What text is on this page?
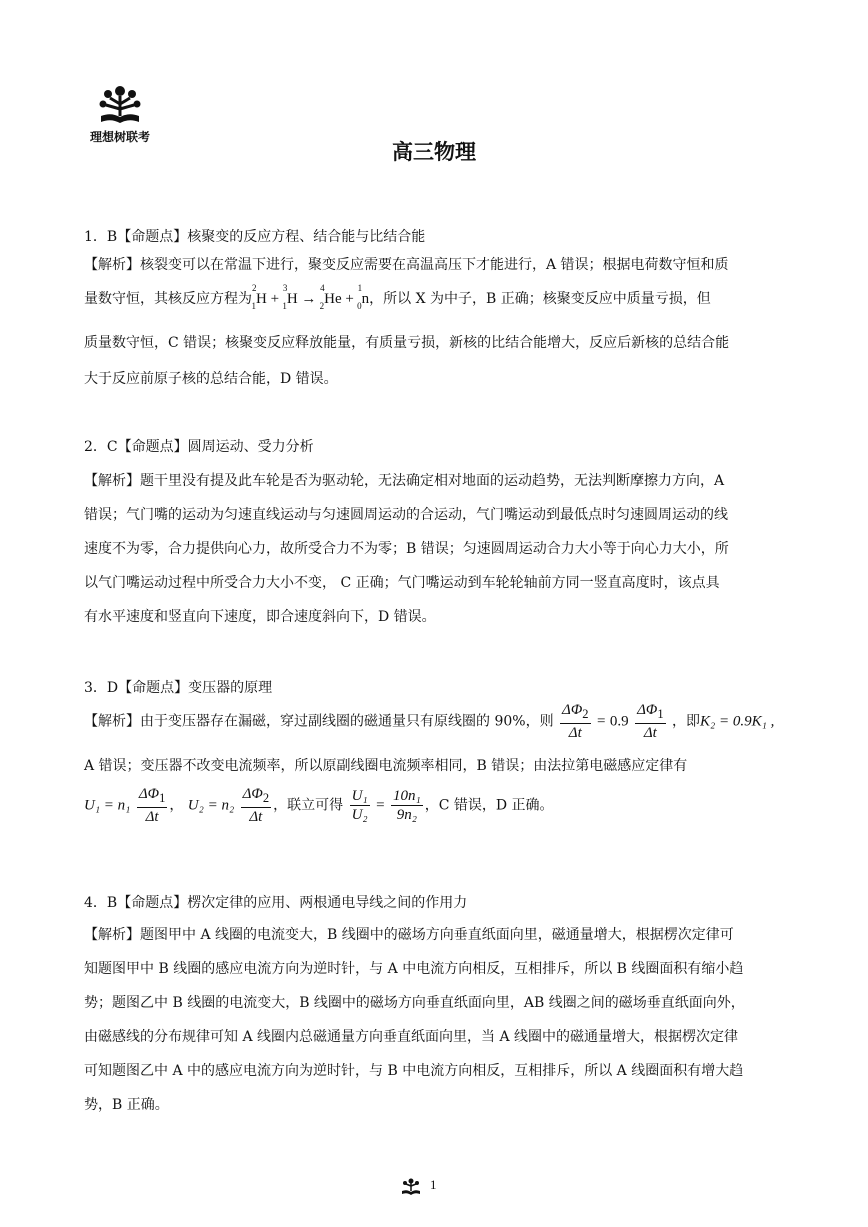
理想树联考
高三物理
1．B【命题点】核聚变的反应方程、结合能与比结合能
【解析】核裂变可以在常温下进行，聚变反应需要在高温高压下才能进行，A 错误；根据电荷数守恒和质
量数守恒，其核反应方程为$^2_1$H + $^3_1$H → $^4_2$He + $^1_0$n，所以 X 为中子，B 正确；核聚变反应中质量亏损，但
质量数守恒，C 错误；核聚变反应释放能量，有质量亏损，新核的比结合能增大，反应后新核的总结合能
大于反应前原子核的总结合能，D 错误。
2．C【命题点】圆周运动、受力分析
【解析】题干里没有提及此车轮是否为驱动轮，无法确定相对地面的运动趋势，无法判断摩擦力方向，A
错误；气门嘴的运动为匀速直线运动与匀速圆周运动的合运动，气门嘴运动到最低点时匀速圆周运动的线
速度不为零，合力提供向心力，故所受合力不为零；B 错误；匀速圆周运动合力大小等于向心力大小，所
以气门嘴运动过程中所受合力大小不变， C 正确；气门嘴运动到车轮轮轴前方同一竖直高度时，该点具
有水平速度和竖直向下速度，即合速度斜向下，D 错误。
3．D【命题点】变压器的原理
【解析】由于变压器存在漏磁，穿过副线圈的磁通量只有原线圈的 90%，则 $\frac{\Delta\Phi_2}{\Delta t} = 0.9 \frac{\Delta\Phi_1}{\Delta t}$ ，即K₂ = 0.9K₁ ,
A 错误；变压器不改变电流频率，所以原副线圈电流频率相同，B 错误；由法拉第电磁感应定律有
$U_1 = n_1 \frac{\Delta\Phi_1}{\Delta t}$ ， $U_2 = n_2 \frac{\Delta\Phi_2}{\Delta t}$ ，联立可得 $\frac{\text{U₁}}{\text{U₂}} = \frac{\text{10n₁}}{\text{9n₂}}$ ，C 错误，D 正确。
4．B【命题点】楞次定律的应用、两根通电导线之间的作用力
【解析】题图甲中 A 线圈的电流变大，B 线圈中的磁场方向垂直纸面向里，磁通量增大，根据楞次定律可
知题图甲中 B 线圈的感应电流方向为逆时针，与 A 中电流方向相反，互相排斥，所以 B 线圈面积有缩小趋
势；题图乙中 B 线圈的电流变大，B 线圈中的磁场方向垂直纸面向里，AB 线圈之间的磁场垂直纸面向外，
由磁感线的分布规律可知 A 线圈内总磁通量方向垂直纸面向里，当 A 线圈中的磁通量增大，根据楞次定律
可知题图乙中 A 中的感应电流方向为逆时针，与 B 中电流方向相反，互相排斥，所以 A 线圈面积有增大趋
势，B 正确。
1
